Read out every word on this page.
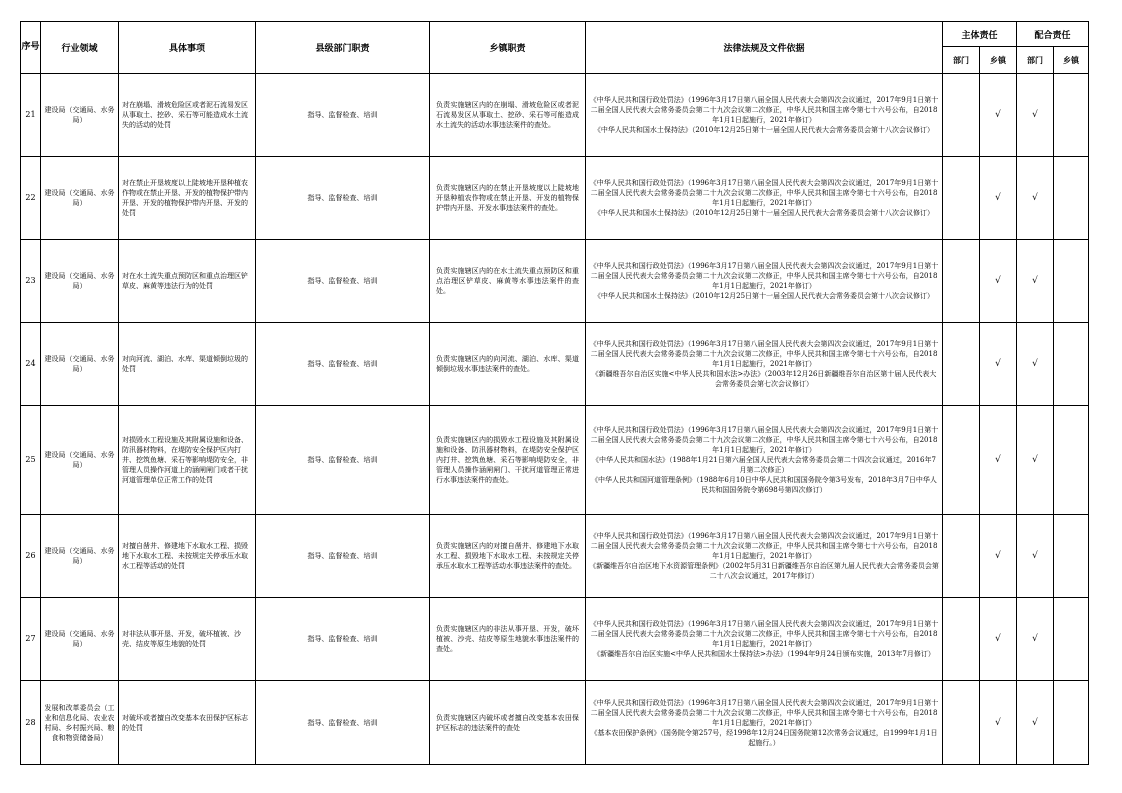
序号	行业领域	具体事项	县级部门职责	乡镇职责	法律法规及文件依据	主体责任		配合责任	
						部门	乡镇	部门	乡镇
21	建设局（交通局、水务局）	对在崩塌、滑坡危险区或者泥石流易发区从事取土、挖砂、采石等可能造成水土流失的活动的处罚	指导、监督检查、培训	负责实施辖区内的在崩塌、滑坡危险区或者泥石流易发区从事取土、挖砂、采石等可能造成水土流失的活动水事违法案件的查处。	《中华人民共和国行政处罚法》（1996年3月17日第八届全国人民代表大会第四次会议通过，2017年9月1日第十二届全国人民代表大会常务委员会第二十九次会议第二次修正，中华人民共和国主席令第七十六号公布，自2018年1月1日起施行，2021年修订）
《中华人民共和国水土保持法》（2010年12月25日第十一届全国人民代表大会常务委员会第十八次会议修订）		√	√	
22	建设局（交通局、水务局）	对在禁止开垦坡度以上陡坡地开垦种植农作物或在禁止开垦、开发的植物保护带内开垦、开发的植物保护带内开垦、开发的处罚	指导、监督检查、培训	负责实施辖区内的在禁止开垦坡度以上陡坡地开垦种植农作物或在禁止开垦、开发的植物保护带内开垦、开发水事违法案件的查处。	《中华人民共和国行政处罚法》（1996年3月17日第八届全国人民代表大会第四次会议通过，2017年9月1日第十二届全国人民代表大会常务委员会第二十九次会议第二次修正，中华人民共和国主席令第七十六号公布，自2018年1月1日起施行，2021年修订）
《中华人民共和国水土保持法》（2010年12月25日第十一届全国人民代表大会常务委员会第十八次会议修订）		√	√	
23	建设局（交通局、水务局）	对在水土流失重点预防区和重点治理区铲草皮、麻黄等违法行为的处罚	指导、监督检查、培训	负责实施辖区内的在水土流失重点预防区和重点治理区铲草皮、麻黄等水事违法案件的查处。	《中华人民共和国行政处罚法》（1996年3月17日第八届全国人民代表大会第四次会议通过，2017年9月1日第十二届全国人民代表大会常务委员会第二十九次会议第二次修正，中华人民共和国主席令第七十六号公布，自2018年1月1日起施行，2021年修订）
《中华人民共和国水土保持法》（2010年12月25日第十一届全国人民代表大会常务委员会第十八次会议修订）		√	√	
24	建设局（交通局、水务局）	对向河流、湖泊、水库、渠道倾倒垃圾的处罚	指导、监督检查、培训	负责实施辖区内的向河流、湖泊、水库、渠道倾倒垃圾水事违法案件的查处。	《中华人民共和国行政处罚法》（1996年3月17日第八届全国人民代表大会第四次会议通过，2017年9月1日第十二届全国人民代表大会常务委员会第二十九次会议第二次修正，中华人民共和国主席令第七十六号公布，自2018年1月1日起施行，2021年修订）
《新疆维吾尔自治区实施<中华人民共和国水法>办法》（2003年12月26日新疆维吾尔自治区第十届人民代表大会常务委员会第七次会议修订）		√	√	
25	建设局（交通局、水务局）	对损毁水工程设施及其附属设施和设备、防汛器材物料，在堤防安全保护区内打井、挖筑鱼塘、采石等影响堤防安全，非管理人员操作河道上的涵闸闸门或者干扰河道管理单位正常工作的处罚	指导、监督检查、培训	负责实施辖区内的损毁水工程设施及其附属设施和设备、防汛器材物料，在堤防安全保护区内打井、挖筑鱼塘、采石等影响堤防安全，非管理人员操作涵闸闸门、干扰河道管理正常进行水事违法案件的查处。	《中华人民共和国行政处罚法》（1996年3月17日第八届全国人民代表大会第四次会议通过，2017年9月1日第十二届全国人民代表大会常务委员会第二十九次会议第二次修正，中华人民共和国主席令第七十六号公布，自2018年1月1日起施行，2021年修订）
《中华人民共和国水法》（1988年1月21日第六届全国人民代表大会常务委员会第二十四次会议通过，2016年7月第二次修正）
《中华人民共和国河道管理条例》（1988年6月10日中华人民共和国国务院令第3号发布，2018年3月7日中华人民共和国国务院令第698号第四次修订）		√	√	
26	建设局（交通局、水务局）	对擅自凿井、修建地下水取水工程、损毁地下水取水工程、未按规定关停承压水取水工程等活动的处罚	指导、监督检查、培训	负责实施辖区内的对擅自凿井、修建地下水取水工程、损毁地下水取水工程、未按规定关停承压水取水工程等活动水事违法案件的查处。	《中华人民共和国行政处罚法》（1996年3月17日第八届全国人民代表大会第四次会议通过，2017年9月1日第十二届全国人民代表大会常务委员会第二十九次会议第二次修正，中华人民共和国主席令第七十六号公布，自2018年1月1日起施行，2021年修订）
《新疆维吾尔自治区地下水资源管理条例》（2002年5月31日新疆维吾尔自治区第九届人民代表大会常务委员会第二十八次会议通过，2017年修订）		√	√	
27	建设局（交通局、水务局）	对非法从事开垦、开发，破坏植被、沙壳、结皮等原生地貌的处罚	指导、监督检查、培训	负责实施辖区内的非法从事开垦、开发，破坏植被、沙壳、结皮等原生地貌水事违法案件的查处。	《中华人民共和国行政处罚法》（1996年3月17日第八届全国人民代表大会第四次会议通过，2017年9月1日第十二届全国人民代表大会常务委员会第二十九次会议第二次修正，中华人民共和国主席令第七十六号公布，自2018年1月1日起施行，2021年修订）
《新疆维吾尔自治区实施<中华人民共和国水土保持法>办法》（1994年9月24日颁布实施，2013年7月修订）		√	√	
28	发展和改革委员会（工业和信息化局、农业农村局、乡村振兴局、粮食和物资储备局）	对破坏或者擅自改变基本农田保护区标志的处罚	指导、监督检查、培训	负责实施辖区内破坏或者擅自改变基本农田保护区标志的违法案件的查处	《中华人民共和国行政处罚法》（1996年3月17日第八届全国人民代表大会第四次会议通过，2017年9月1日第十二届全国人民代表大会常务委员会第二十九次会议第二次修正，中华人民共和国主席令第七十六号公布，自2018年1月1日起施行，2021年修订）
《基本农田保护条例》（国务院令第257号，经1998年12月24日国务院第12次常务会议通过，自1999年1月1日起施行。）		√	√	
